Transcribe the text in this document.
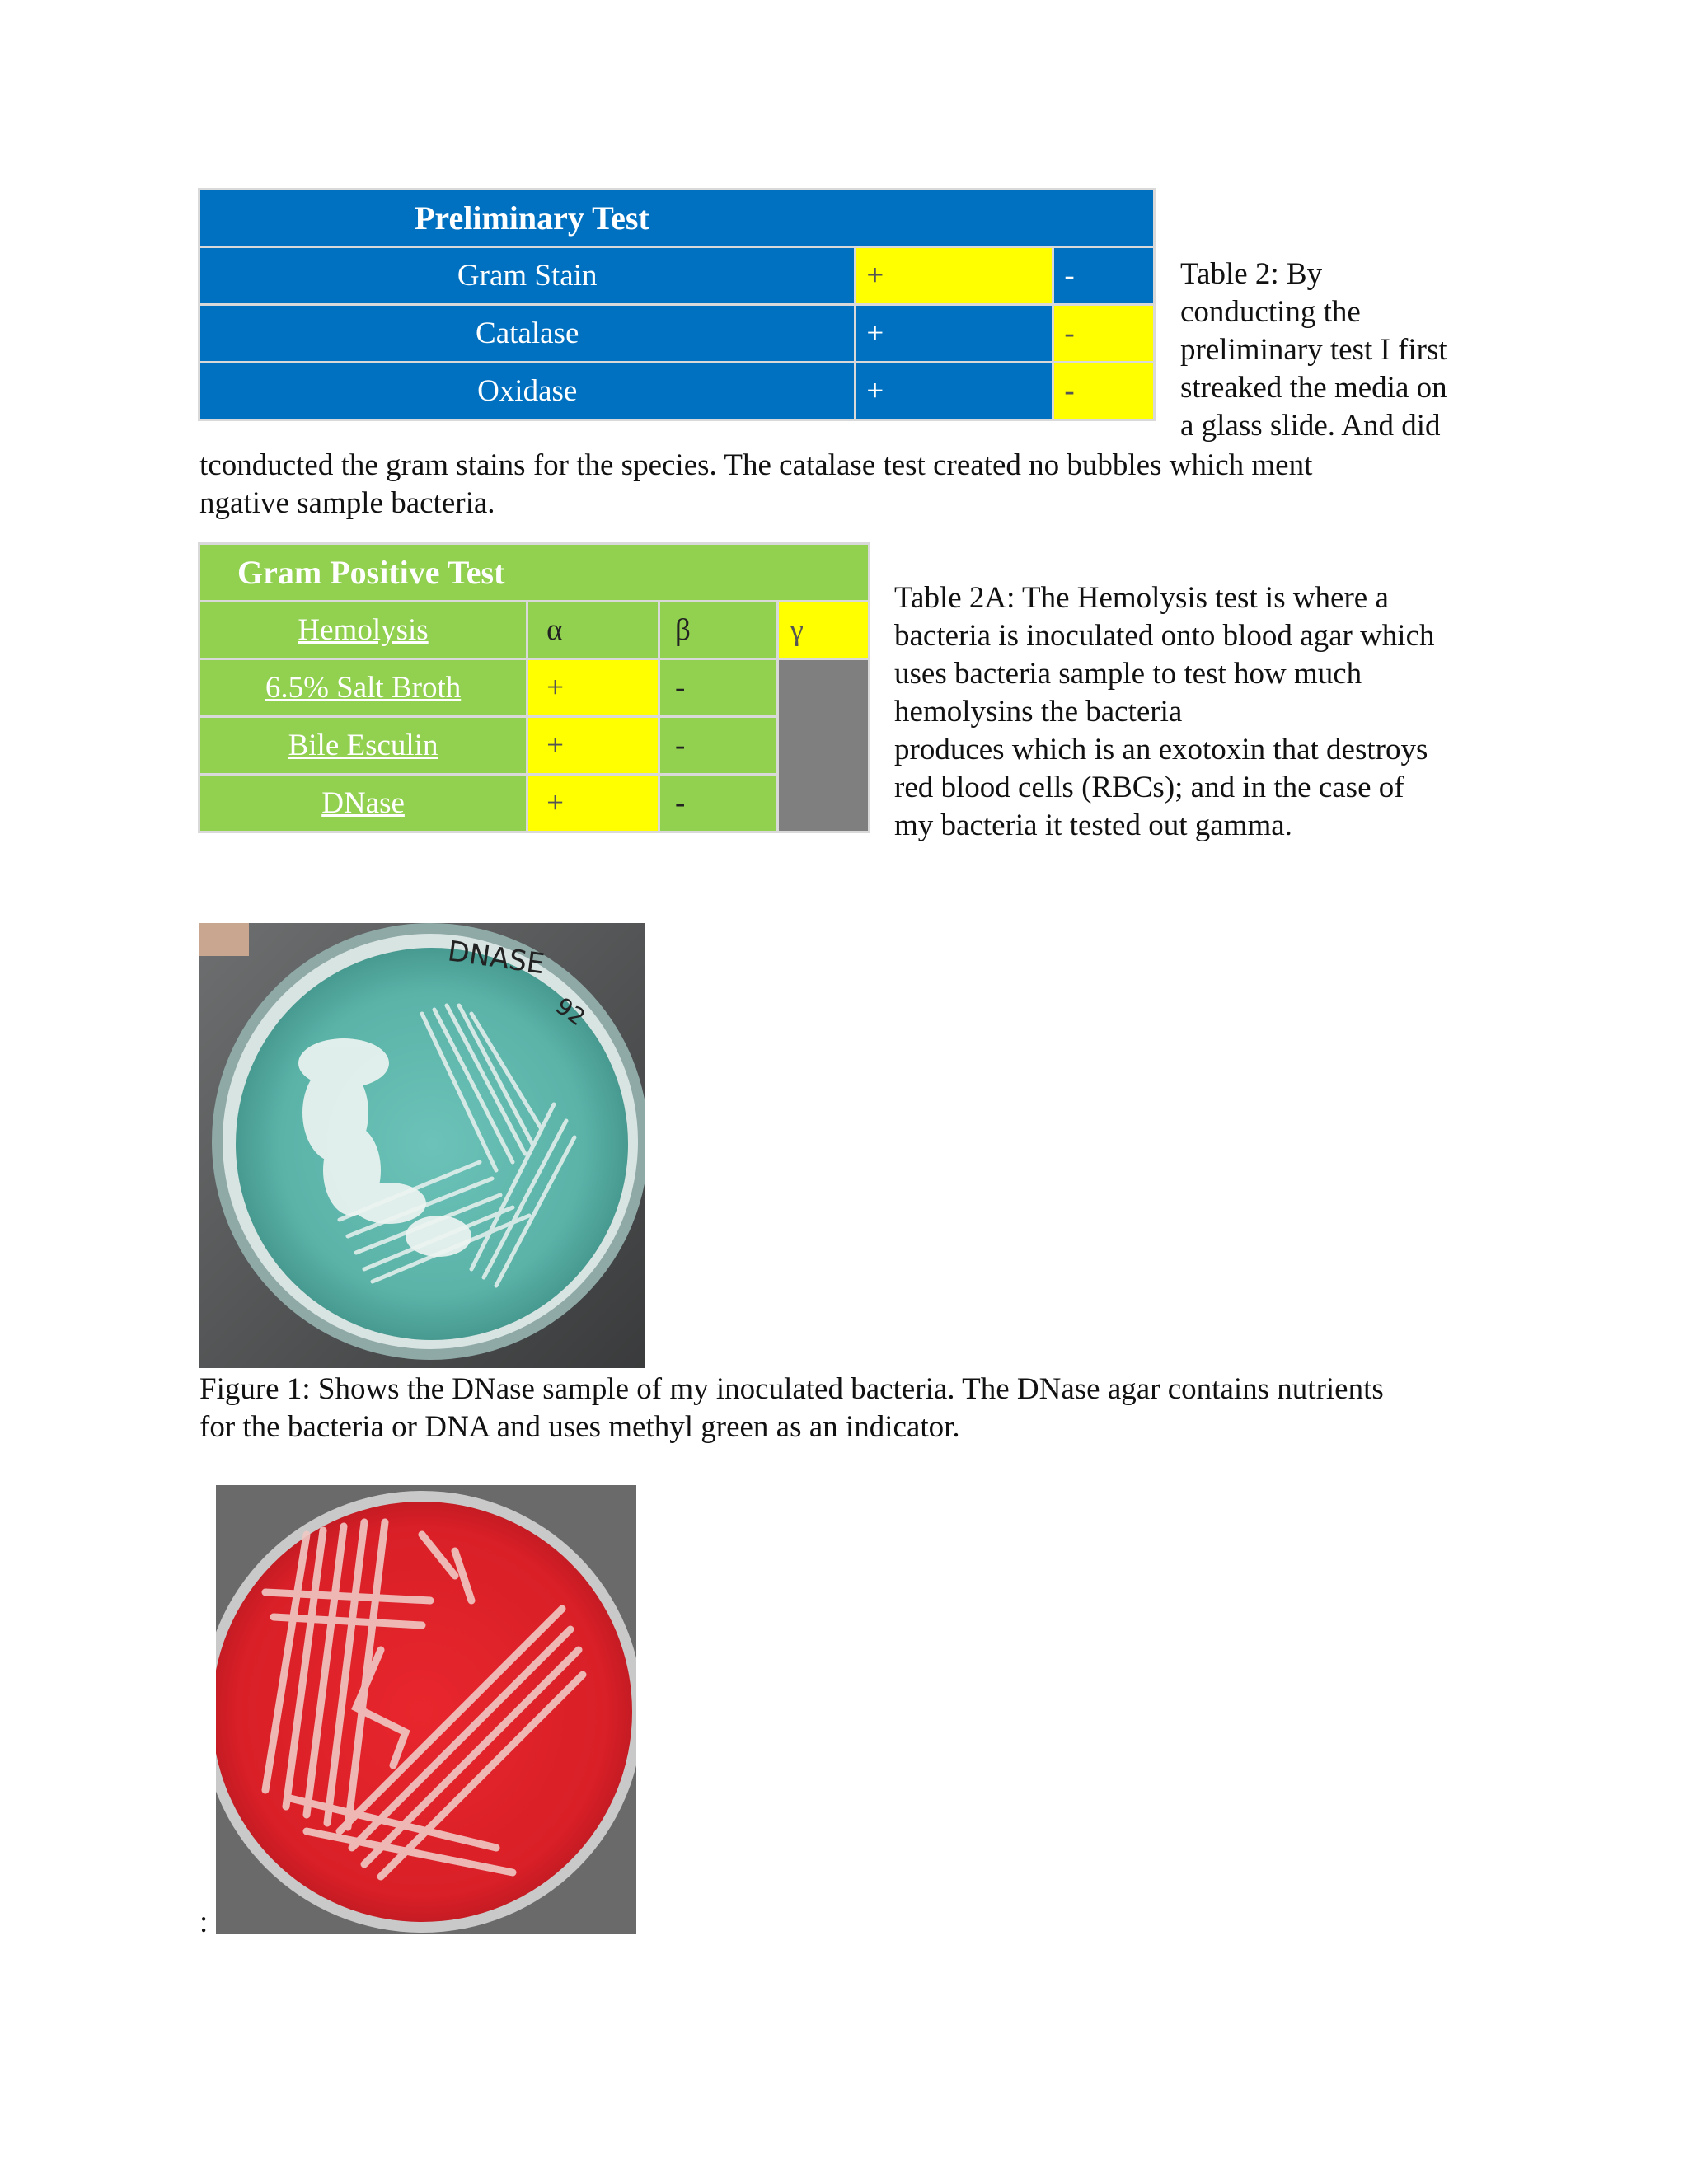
Preliminary Test		
Gram Stain	+	-
Catalase	+	-
Oxidase	+	-
Table 2: By
conducting the
preliminary test I first
streaked the media on
a glass slide. And did
tconducted the gram stains for the species. The catalase test created no bubbles which ment
ngative sample bacteria.
Gram Positive Test			
Hemolysis	α	β	γ
6.5% Salt Broth	+	-	
Bile Esculin	+	-	
DNase	+	-	
Table 2A: The Hemolysis test is where a
bacteria is inoculated onto blood agar which
uses bacteria sample to test how much
hemolysins the bacteria
produces which is an exotoxin that destroys
red blood cells (RBCs); and in the case of
my bacteria it tested out gamma.
DNASE
92
Figure 1: Shows the DNase sample of my inoculated bacteria. The DNase agar contains nutrients
for the bacteria or DNA and uses methyl green as an indicator.
:
